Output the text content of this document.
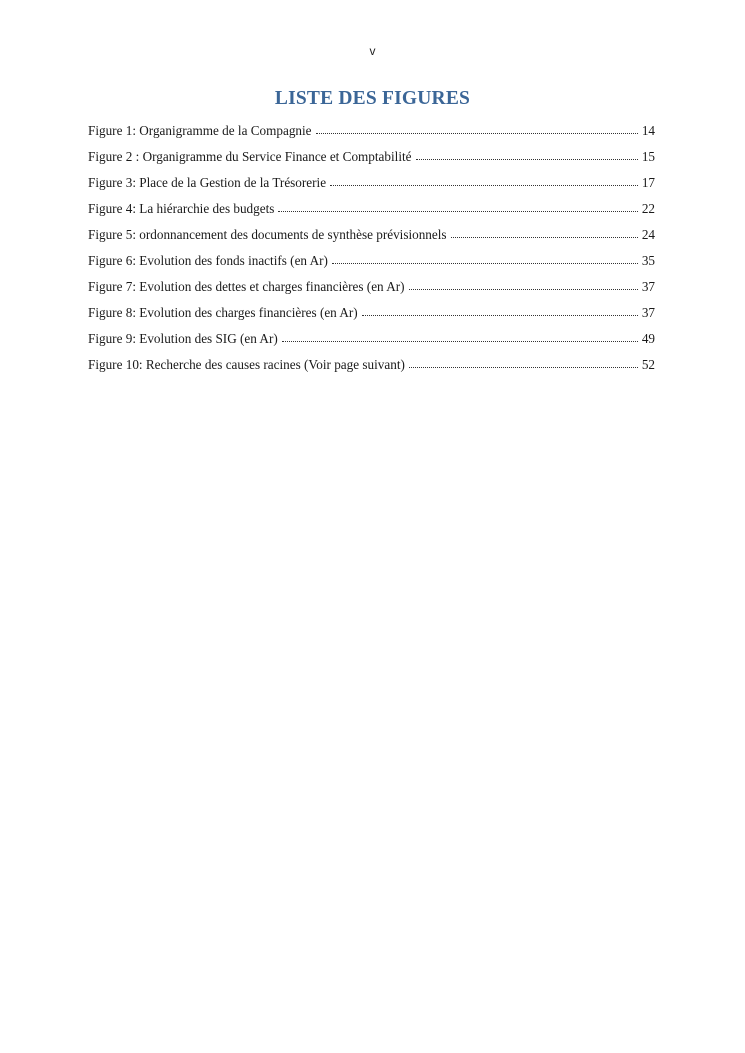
v
LISTE DES FIGURES
Figure 1: Organigramme de la Compagnie	14
Figure 2 : Organigramme du Service Finance et Comptabilité	15
Figure 3: Place de la Gestion de la Trésorerie	17
Figure 4: La hiérarchie des budgets	22
Figure 5: ordonnancement des documents de synthèse prévisionnels	24
Figure 6: Evolution des fonds inactifs (en Ar)	35
Figure 7: Evolution des dettes et charges financières (en Ar)	37
Figure 8: Evolution des charges financières (en Ar)	37
Figure 9: Evolution des SIG (en Ar)	49
Figure 10: Recherche des causes racines (Voir page suivant)	52
